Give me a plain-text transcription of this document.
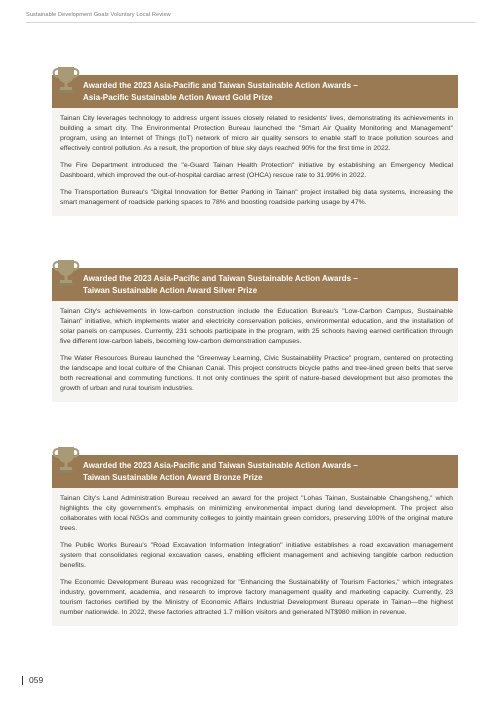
Sustainable Development Goals Voluntary Local Review
Awarded the 2023 Asia-Pacific and Taiwan Sustainable Action Awards –
Asia-Pacific Sustainable Action Award Gold Prize

Tainan City leverages technology to address urgent issues closely related to residents' lives, demonstrating its achievements in building a smart city. The Environmental Protection Bureau launched the "Smart Air Quality Monitoring and Management" program, using an Internet of Things (IoT) network of micro air quality sensors to enable staff to trace pollution sources and effectively control pollution. As a result, the proportion of blue sky days reached 90% for the first time in 2022.

The Fire Department introduced the "e-Guard Tainan Health Protection" initiative by establishing an Emergency Medical Dashboard, which improved the out-of-hospital cardiac arrest (OHCA) rescue rate to 31.99% in 2022.

The Transportation Bureau's "Digital Innovation for Better Parking in Tainan" project installed big data systems, increasing the smart management of roadside parking spaces to 78% and boosting roadside parking usage by 47%.

Awarded the 2023 Asia-Pacific and Taiwan Sustainable Action Awards –
Taiwan Sustainable Action Award Silver Prize

Tainan City's achievements in low-carbon construction include the Education Bureau's "Low-Carbon Campus, Sustainable Tainan" initiative, which implements water and electricity conservation policies, environmental education, and the installation of solar panels on campuses. Currently, 231 schools participate in the program, with 25 schools having earned certification through five different low-carbon labels, becoming low-carbon demonstration campuses.

The Water Resources Bureau launched the "Greenway Learning, Civic Sustainability Practice" program, centered on protecting the landscape and local culture of the Chianan Canal. This project constructs bicycle paths and tree-lined green belts that serve both recreational and commuting functions. It not only continues the spirit of nature-based development but also promotes the growth of urban and rural tourism industries.

Awarded the 2023 Asia-Pacific and Taiwan Sustainable Action Awards –
Taiwan Sustainable Action Award Bronze Prize

Tainan City's Land Administration Bureau received an award for the project "Lohas Tainan, Sustainable Changsheng," which highlights the city government's emphasis on minimizing environmental impact during land development. The project also collaborates with local NGOs and community colleges to jointly maintain green corridors, preserving 100% of the original mature trees.

The Public Works Bureau's "Road Excavation Information Integration" initiative establishes a road excavation management system that consolidates regional excavation cases, enabling efficient management and achieving tangible carbon reduction benefits.

The Economic Development Bureau was recognized for "Enhancing the Sustainability of Tourism Factories," which integrates industry, government, academia, and research to improve factory management quality and marketing capacity. Currently, 23 tourism factories certified by the Ministry of Economic Affairs Industrial Development Bureau operate in Tainan—the highest number nationwide. In 2022, these factories attracted 1.7 million visitors and generated NT$980 million in revenue.

059
